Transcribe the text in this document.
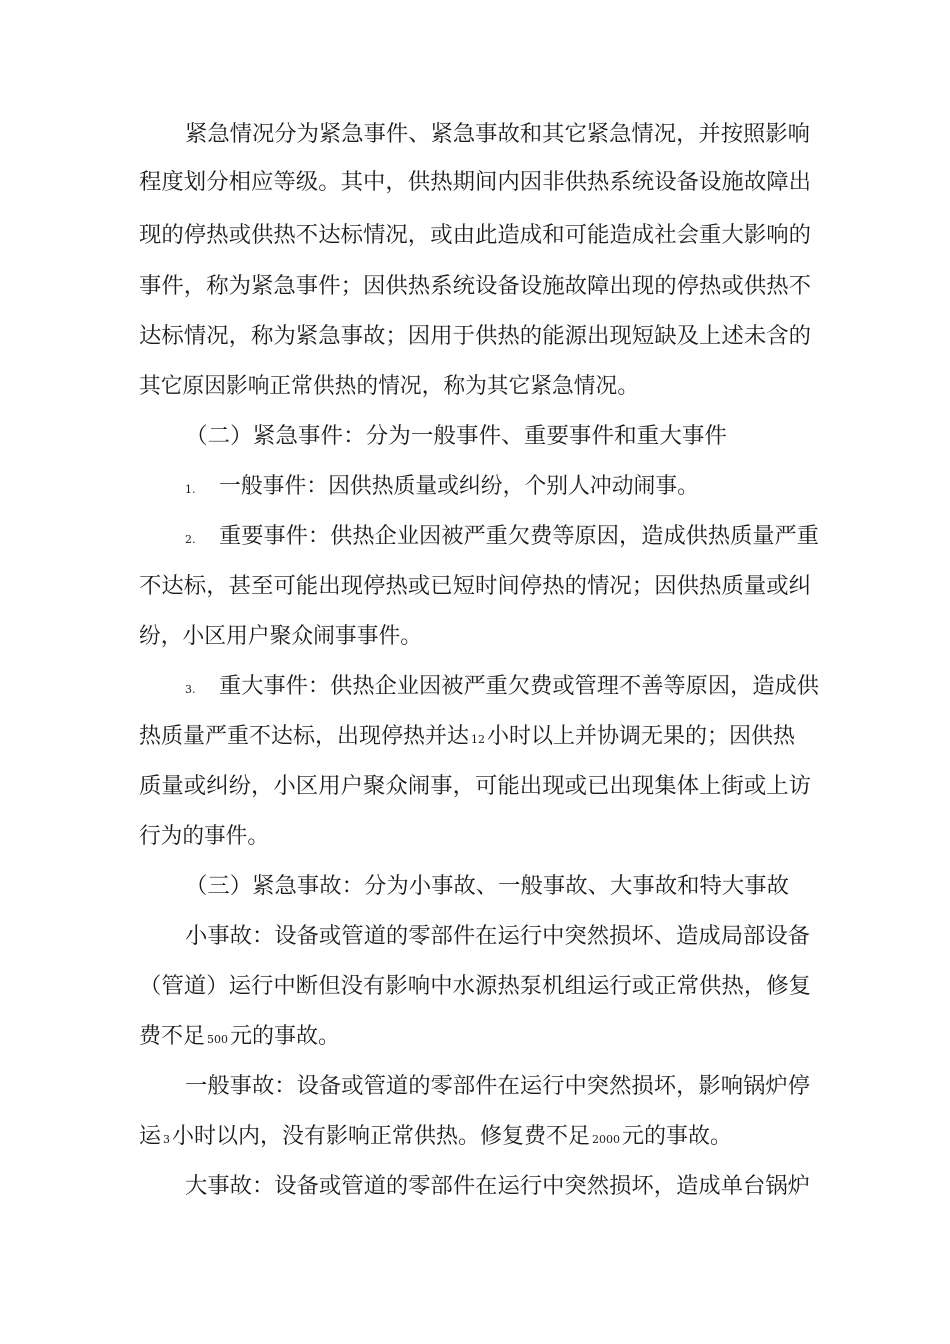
紧急情况分为紧急事件、紧急事故和其它紧急情况，并按照影响
程度划分相应等级。其中，供热期间内因非供热系统设备设施故障出
现的停热或供热不达标情况，或由此造成和可能造成社会重大影响的
事件，称为紧急事件；因供热系统设备设施故障出现的停热或供热不
达标情况，称为紧急事故；因用于供热的能源出现短缺及上述未含的
其它原因影响正常供热的情况，称为其它紧急情况。
（二）紧急事件：分为一般事件、重要事件和重大事件
1. 一般事件：因供热质量或纠纷，个别人冲动闹事。
2. 重要事件：供热企业因被严重欠费等原因，造成供热质量严重
不达标，甚至可能出现停热或已短时间停热的情况；因供热质量或纠
纷，小区用户聚众闹事事件。
3. 重大事件：供热企业因被严重欠费或管理不善等原因，造成供
热质量严重不达标，出现停热并达 12小时以上并协调无果的；因供热
质量或纠纷，小区用户聚众闹事，可能出现或已出现集体上街或上访
行为的事件。
（三）紧急事故：分为小事故、一般事故、大事故和特大事故
小事故：设备或管道的零部件在运行中突然损坏、造成局部设备
（管道）运行中断但没有影响中水源热泵机组运行或正常供热，修复
费不足 500元的事故。
一般事故：设备或管道的零部件在运行中突然损坏，影响锅炉停
运 3小时以内，没有影响正常供热。修复费不足 2000元的事故。
大事故：设备或管道的零部件在运行中突然损坏，造成单台锅炉
